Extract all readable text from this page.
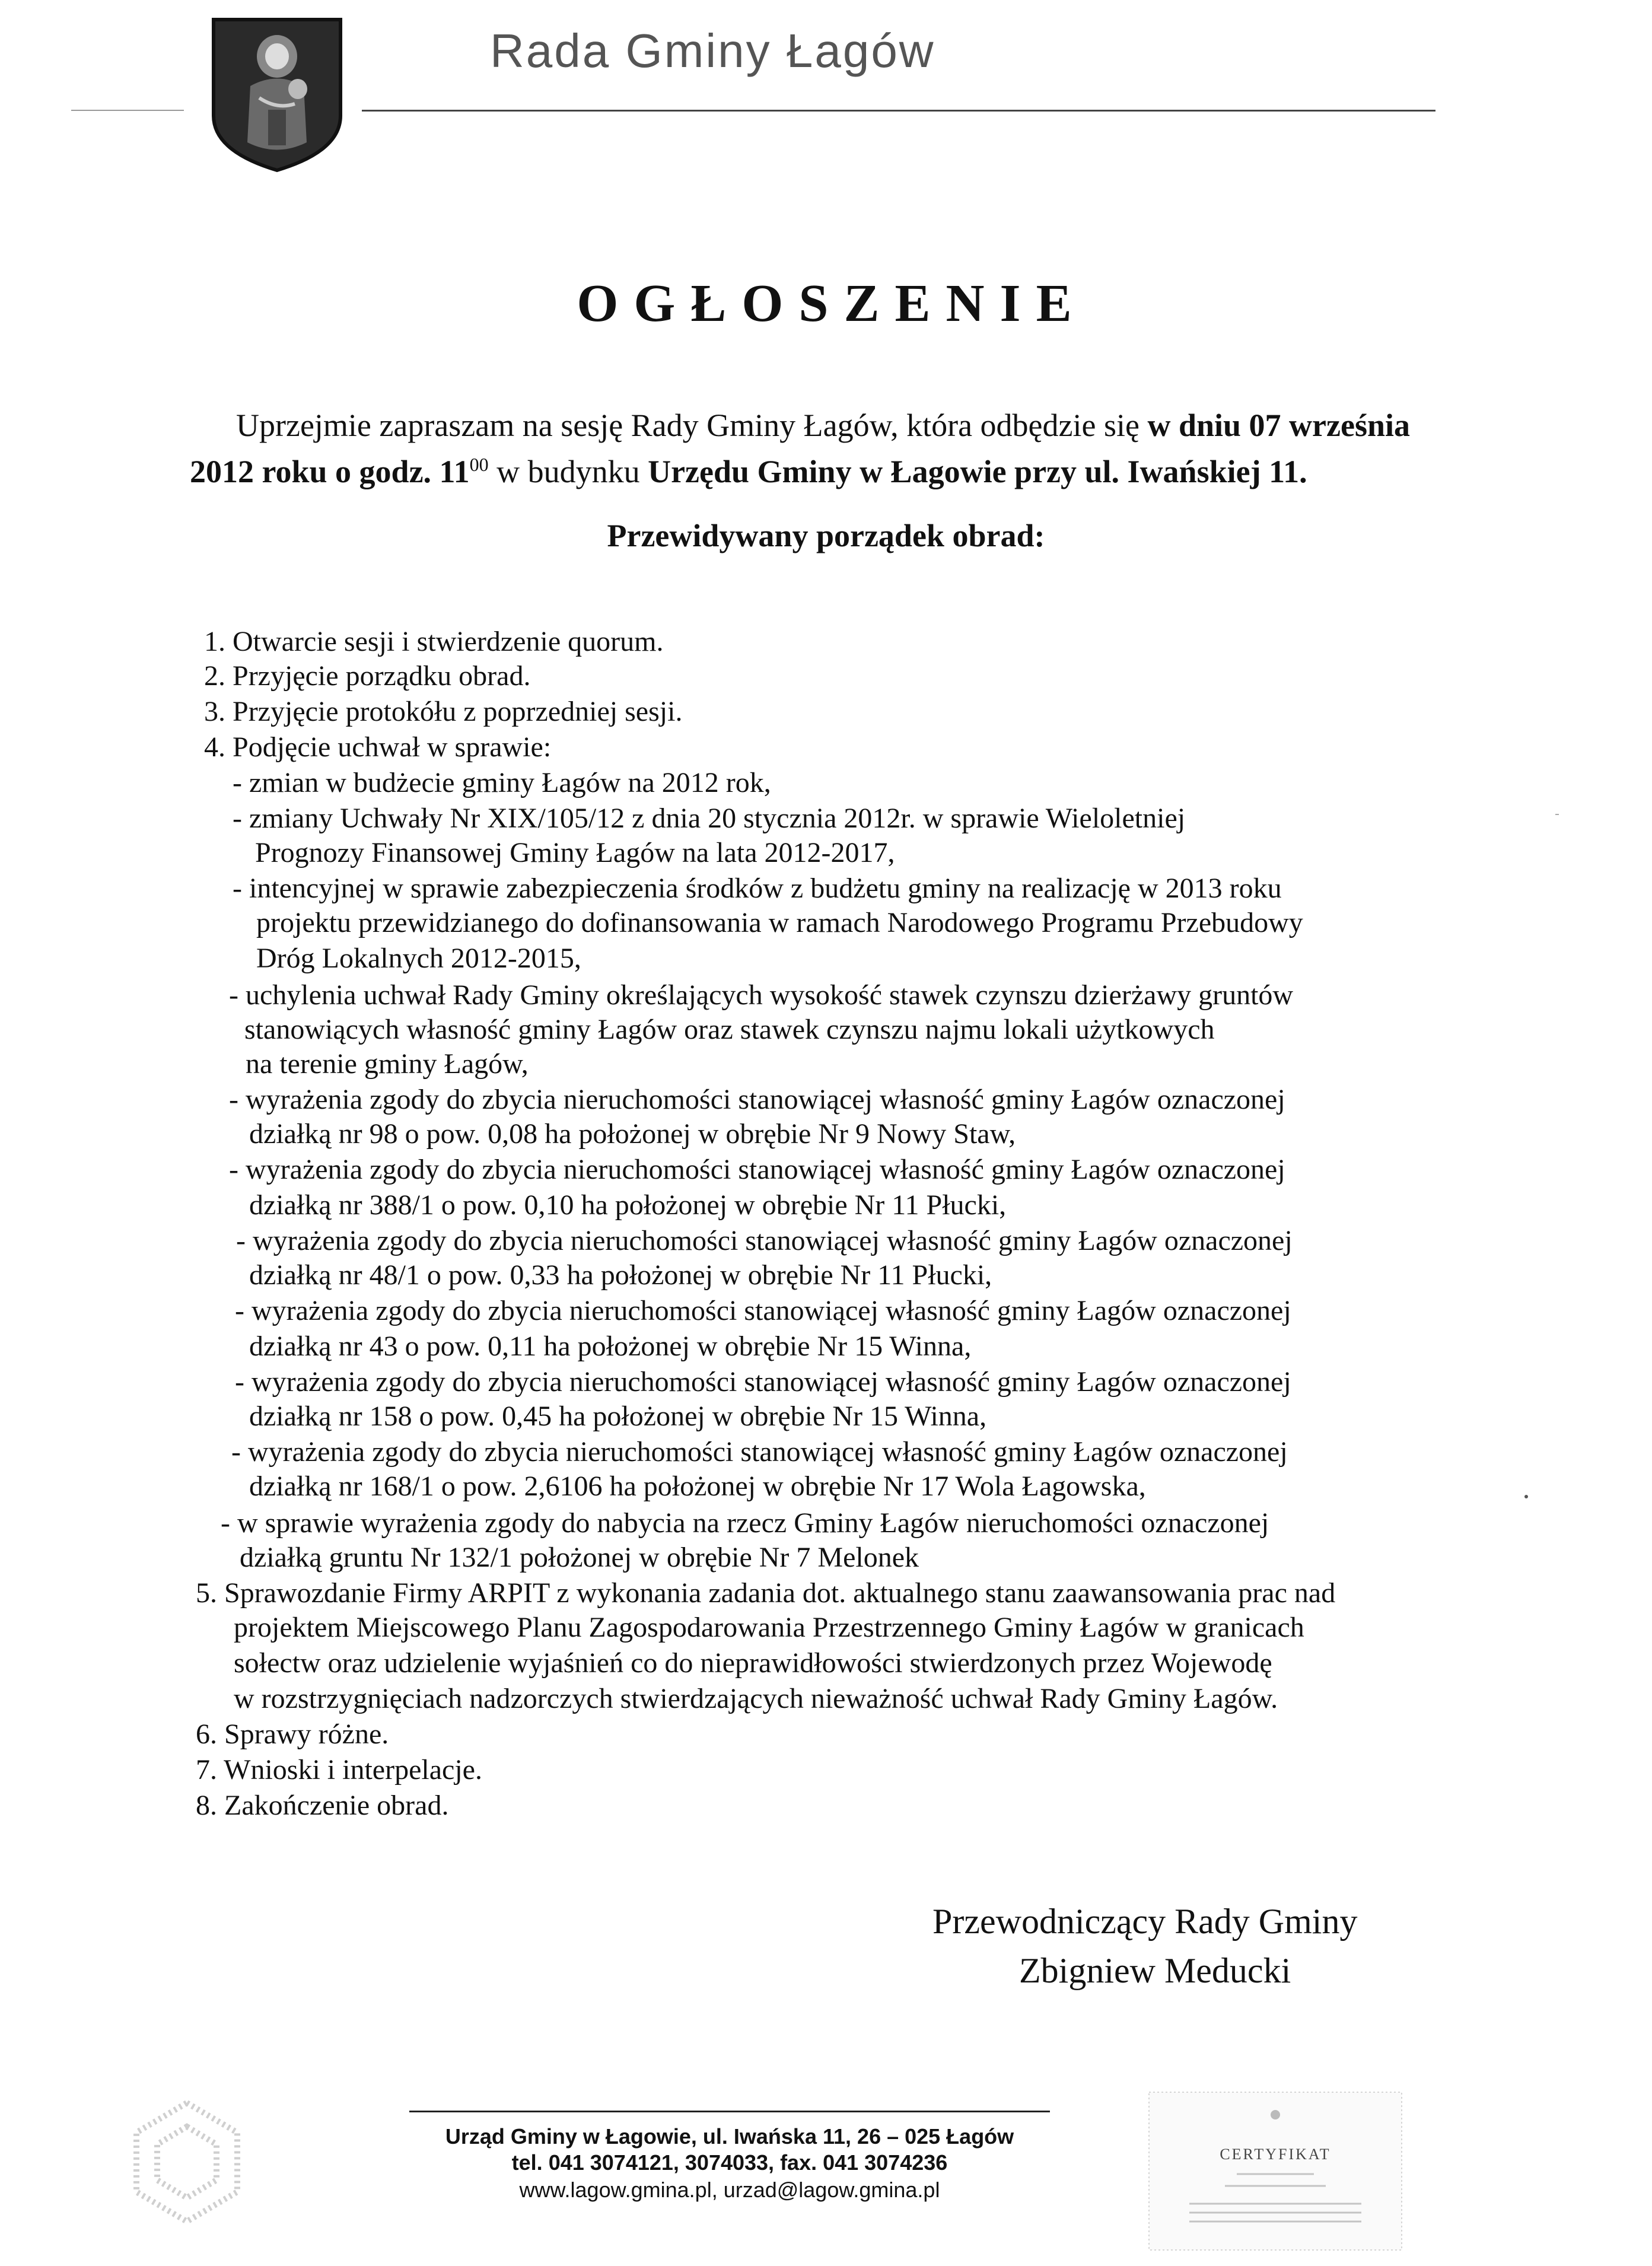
Rada Gminy Łagów
OGŁOSZENIE
Uprzejmie zapraszam na sesję Rady Gminy Łagów, która odbędzie się w dniu 07 września
2012 roku o godz. $11^{00}$ w budynku Urzędu Gminy w Łagowie przy ul. Iwańskiej 11.
Przewidywany porządek obrad:
1. Otwarcie sesji i stwierdzenie quorum.
2. Przyjęcie porządku obrad.
3. Przyjęcie protokółu z poprzedniej sesji.
4. Podjęcie uchwał w sprawie:
- zmian w budżecie gminy Łagów na 2012 rok,
- zmiany Uchwały Nr XIX/105/12 z dnia 20 stycznia 2012r. w sprawie Wieloletniej
Prognozy Finansowej Gminy Łagów na lata 2012-2017,
- intencyjnej w sprawie zabezpieczenia środków z budżetu gminy na realizację w 2013 roku
projektu przewidzianego do dofinansowania w ramach Narodowego Programu Przebudowy
Dróg Lokalnych 2012-2015,
- uchylenia uchwał Rady Gminy określających wysokość stawek czynszu dzierżawy gruntów
stanowiących własność gminy Łagów oraz stawek czynszu najmu lokali użytkowych
na terenie gminy Łagów,
- wyrażenia zgody do zbycia nieruchomości stanowiącej własność gminy Łagów oznaczonej
działką nr 98 o pow. 0,08 ha położonej w obrębie Nr 9 Nowy Staw,
- wyrażenia zgody do zbycia nieruchomości stanowiącej własność gminy Łagów oznaczonej
działką nr 388/1 o pow. 0,10 ha położonej w obrębie Nr 11 Płucki,
- wyrażenia zgody do zbycia nieruchomości stanowiącej własność gminy Łagów oznaczonej
działką nr 48/1 o pow. 0,33 ha położonej w obrębie Nr 11 Płucki,
- wyrażenia zgody do zbycia nieruchomości stanowiącej własność gminy Łagów oznaczonej
działką nr 43 o pow. 0,11 ha położonej w obrębie Nr 15 Winna,
- wyrażenia zgody do zbycia nieruchomości stanowiącej własność gminy Łagów oznaczonej
działką nr 158 o pow. 0,45 ha położonej w obrębie Nr 15 Winna,
- wyrażenia zgody do zbycia nieruchomości stanowiącej własność gminy Łagów oznaczonej
działką nr 168/1 o pow. 2,6106 ha położonej w obrębie Nr 17 Wola Łagowska,
- w sprawie wyrażenia zgody do nabycia na rzecz Gminy Łagów nieruchomości oznaczonej
działką gruntu Nr 132/1 położonej w obrębie Nr 7 Melonek
5. Sprawozdanie Firmy ARPIT z wykonania zadania dot. aktualnego stanu zaawansowania prac nad
projektem Miejscowego Planu Zagospodarowania Przestrzennego Gminy Łagów w granicach
sołectw oraz udzielenie wyjaśnień co do nieprawidłowości stwierdzonych przez Wojewodę
w rozstrzygnięciach nadzorczych stwierdzających nieważność uchwał Rady Gminy Łagów.
6. Sprawy różne.
7. Wnioski i interpelacje.
8. Zakończenie obrad.
Przewodniczący Rady Gminy
Zbigniew Meducki
Urząd Gminy w Łagowie, ul. Iwańska 11, 26 – 025 Łagów
tel. 041 3074121, 3074033, fax. 041 3074236
www.lagow.gmina.pl, urzad@lagow.gmina.pl
CERTYFIKAT
